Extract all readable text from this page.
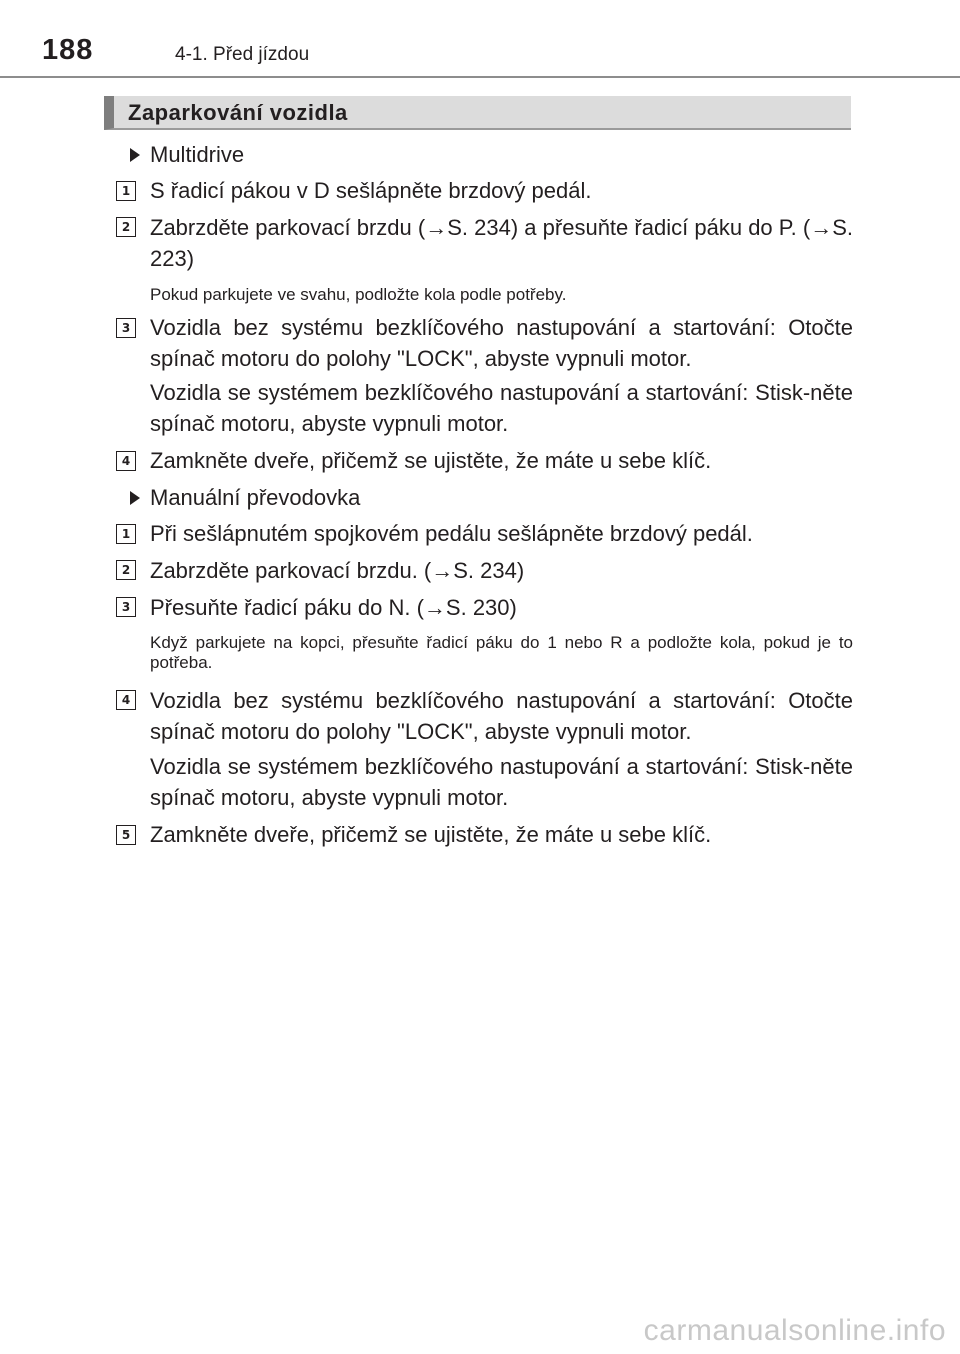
188	4-1. Před jízdou
Zaparkování vozidla
Multidrive
1 S řadicí pákou v D sešlápněte brzdový pedál.
2 Zabrzděte parkovací brzdu (→S. 234) a přesuňte řadicí páku do P. (→S. 223)
Pokud parkujete ve svahu, podložte kola podle potřeby.
3 Vozidla bez systému bezklíčového nastupování a startování: Otočte spínač motoru do polohy "LOCK", abyste vypnuli motor.
Vozidla se systémem bezklíčového nastupování a startování: Stisk-něte spínač motoru, abyste vypnuli motor.
4 Zamkněte dveře, přičemž se ujistěte, že máte u sebe klíč.
Manuální převodovka
1 Při sešlápnutém spojkovém pedálu sešlápněte brzdový pedál.
2 Zabrzděte parkovací brzdu. (→S. 234)
3 Přesuňte řadicí páku do N. (→S. 230)
Když parkujete na kopci, přesuňte řadicí páku do 1 nebo R a podložte kola, pokud je to potřeba.
4 Vozidla bez systému bezklíčového nastupování a startování: Otočte spínač motoru do polohy "LOCK", abyste vypnuli motor.
Vozidla se systémem bezklíčového nastupování a startování: Stisk-něte spínač motoru, abyste vypnuli motor.
5 Zamkněte dveře, přičemž se ujistěte, že máte u sebe klíč.
carmanualsonline.info
